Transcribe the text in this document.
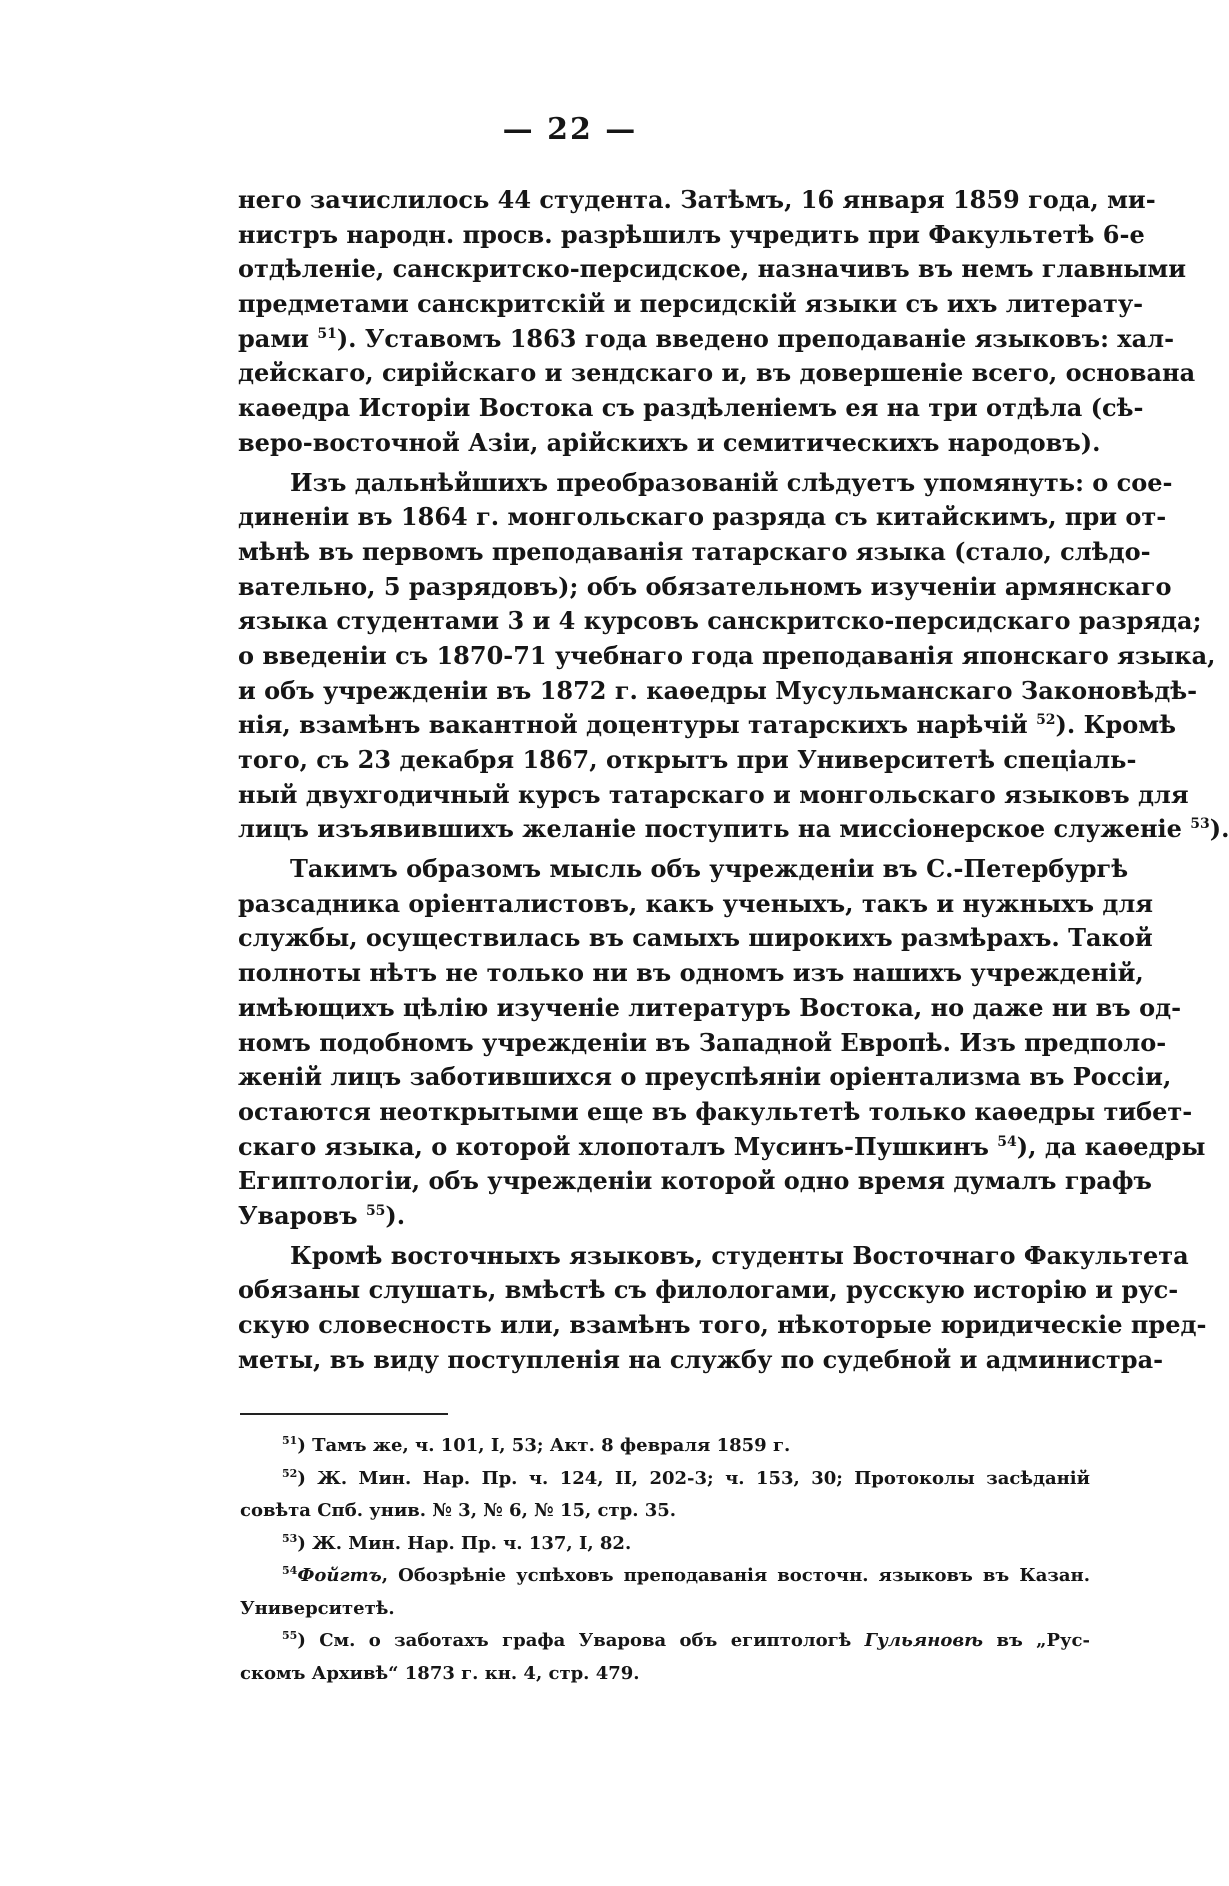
— 22 —
него зачислилось 44 студента. Затѣмъ, 16 января 1859 года, ми-
нистръ народн. просв. разрѣшилъ учредить при Факультетѣ 6-е
отдѣленіе, санскритско-персидское, назначивъ въ немъ главными
предметами санскритскій и персидскій языки съ ихъ литерату-
рами $^{51}$). Уставомъ 1863 года введено преподаваніе языковъ: хал-
дейскаго, сирійскаго и зендскаго и, въ довершеніе всего, основана
каѳедра Исторіи Востока съ раздѣленіемъ ея на три отдѣла (сѣ-
веро-восточной Азіи, арійскихъ и семитическихъ народовъ).
Изъ дальнѣйшихъ преобразованій слѣдуетъ упомянуть: о сое-
диненіи въ 1864 г. монгольскаго разряда съ китайскимъ, при от-
мѣнѣ въ первомъ преподаванія татарскаго языка (стало, слѣдо-
вательно, 5 разрядовъ); объ обязательномъ изученіи армянскаго
языка студентами 3 и 4 курсовъ санскритско-персидскаго разряда;
о введеніи съ 1870-71 учебнаго года преподаванія японскаго языка,
и объ учрежденіи въ 1872 г. каѳедры Мусульманскаго Законовѣдѣ-
нія, взамѣнъ вакантной доцентуры татарскихъ нарѣчій $^{52}$). Кромѣ
того, съ 23 декабря 1867, открытъ при Университетѣ спеціаль-
ный двухгодичный курсъ татарскаго и монгольскаго языковъ для
лицъ изъявившихъ желаніе поступить на миссіонерское служеніе $^{53}$).
Такимъ образомъ мысль объ учрежденіи въ С.-Петербургѣ
разсадника оріенталистовъ, какъ ученыхъ, такъ и нужныхъ для
службы, осуществилась въ самыхъ широкихъ размѣрахъ. Такой
полноты нѣтъ не только ни въ одномъ изъ нашихъ учрежденій,
имѣющихъ цѣлію изученіе литературъ Востока, но даже ни въ од-
номъ подобномъ учрежденіи въ Западной Европѣ. Изъ предполо-
женій лицъ заботившихся о преуспѣяніи оріентализма въ Россіи,
остаются неоткрытыми еще въ факультетѣ только каѳедры тибет-
скаго языка, о которой хлопоталъ Мусинъ-Пушкинъ $^{54}$), да каѳедры
Египтологіи, объ учрежденіи которой одно время думалъ графъ
Уваровъ $^{55}$).
Кромѣ восточныхъ языковъ, студенты Восточнаго Факультета
обязаны слушать, вмѣстѣ съ филологами, русскую исторію и рус-
скую словесность или, взамѣнъ того, нѣкоторые юридическіе пред-
меты, въ виду поступленія на службу по судебной и администра-
$^{51}$) Тамъ же, ч. 101, I, 53; Акт. 8 февраля 1859 г.
$^{52}$) Ж. Мин. Нар. Пр. ч. 124, II, 202-3; ч. 153, 30; Протоколы засѣданій
совѣта Спб. унив. № 3, № 6, № 15, стр. 35.
$^{53}$) Ж. Мин. Нар. Пр. ч. 137, I, 82.
$^{54}$Фойгтъ, Обозрѣніе успѣховъ преподаванія восточн. языковъ въ Казан.
Университетѣ.
$^{55}$) См. о заботахъ графа Уварова объ египтологѣ Гульяновѣ въ „Рус-
скомъ Архивѣ“ 1873 г. кн. 4, стр. 479.
